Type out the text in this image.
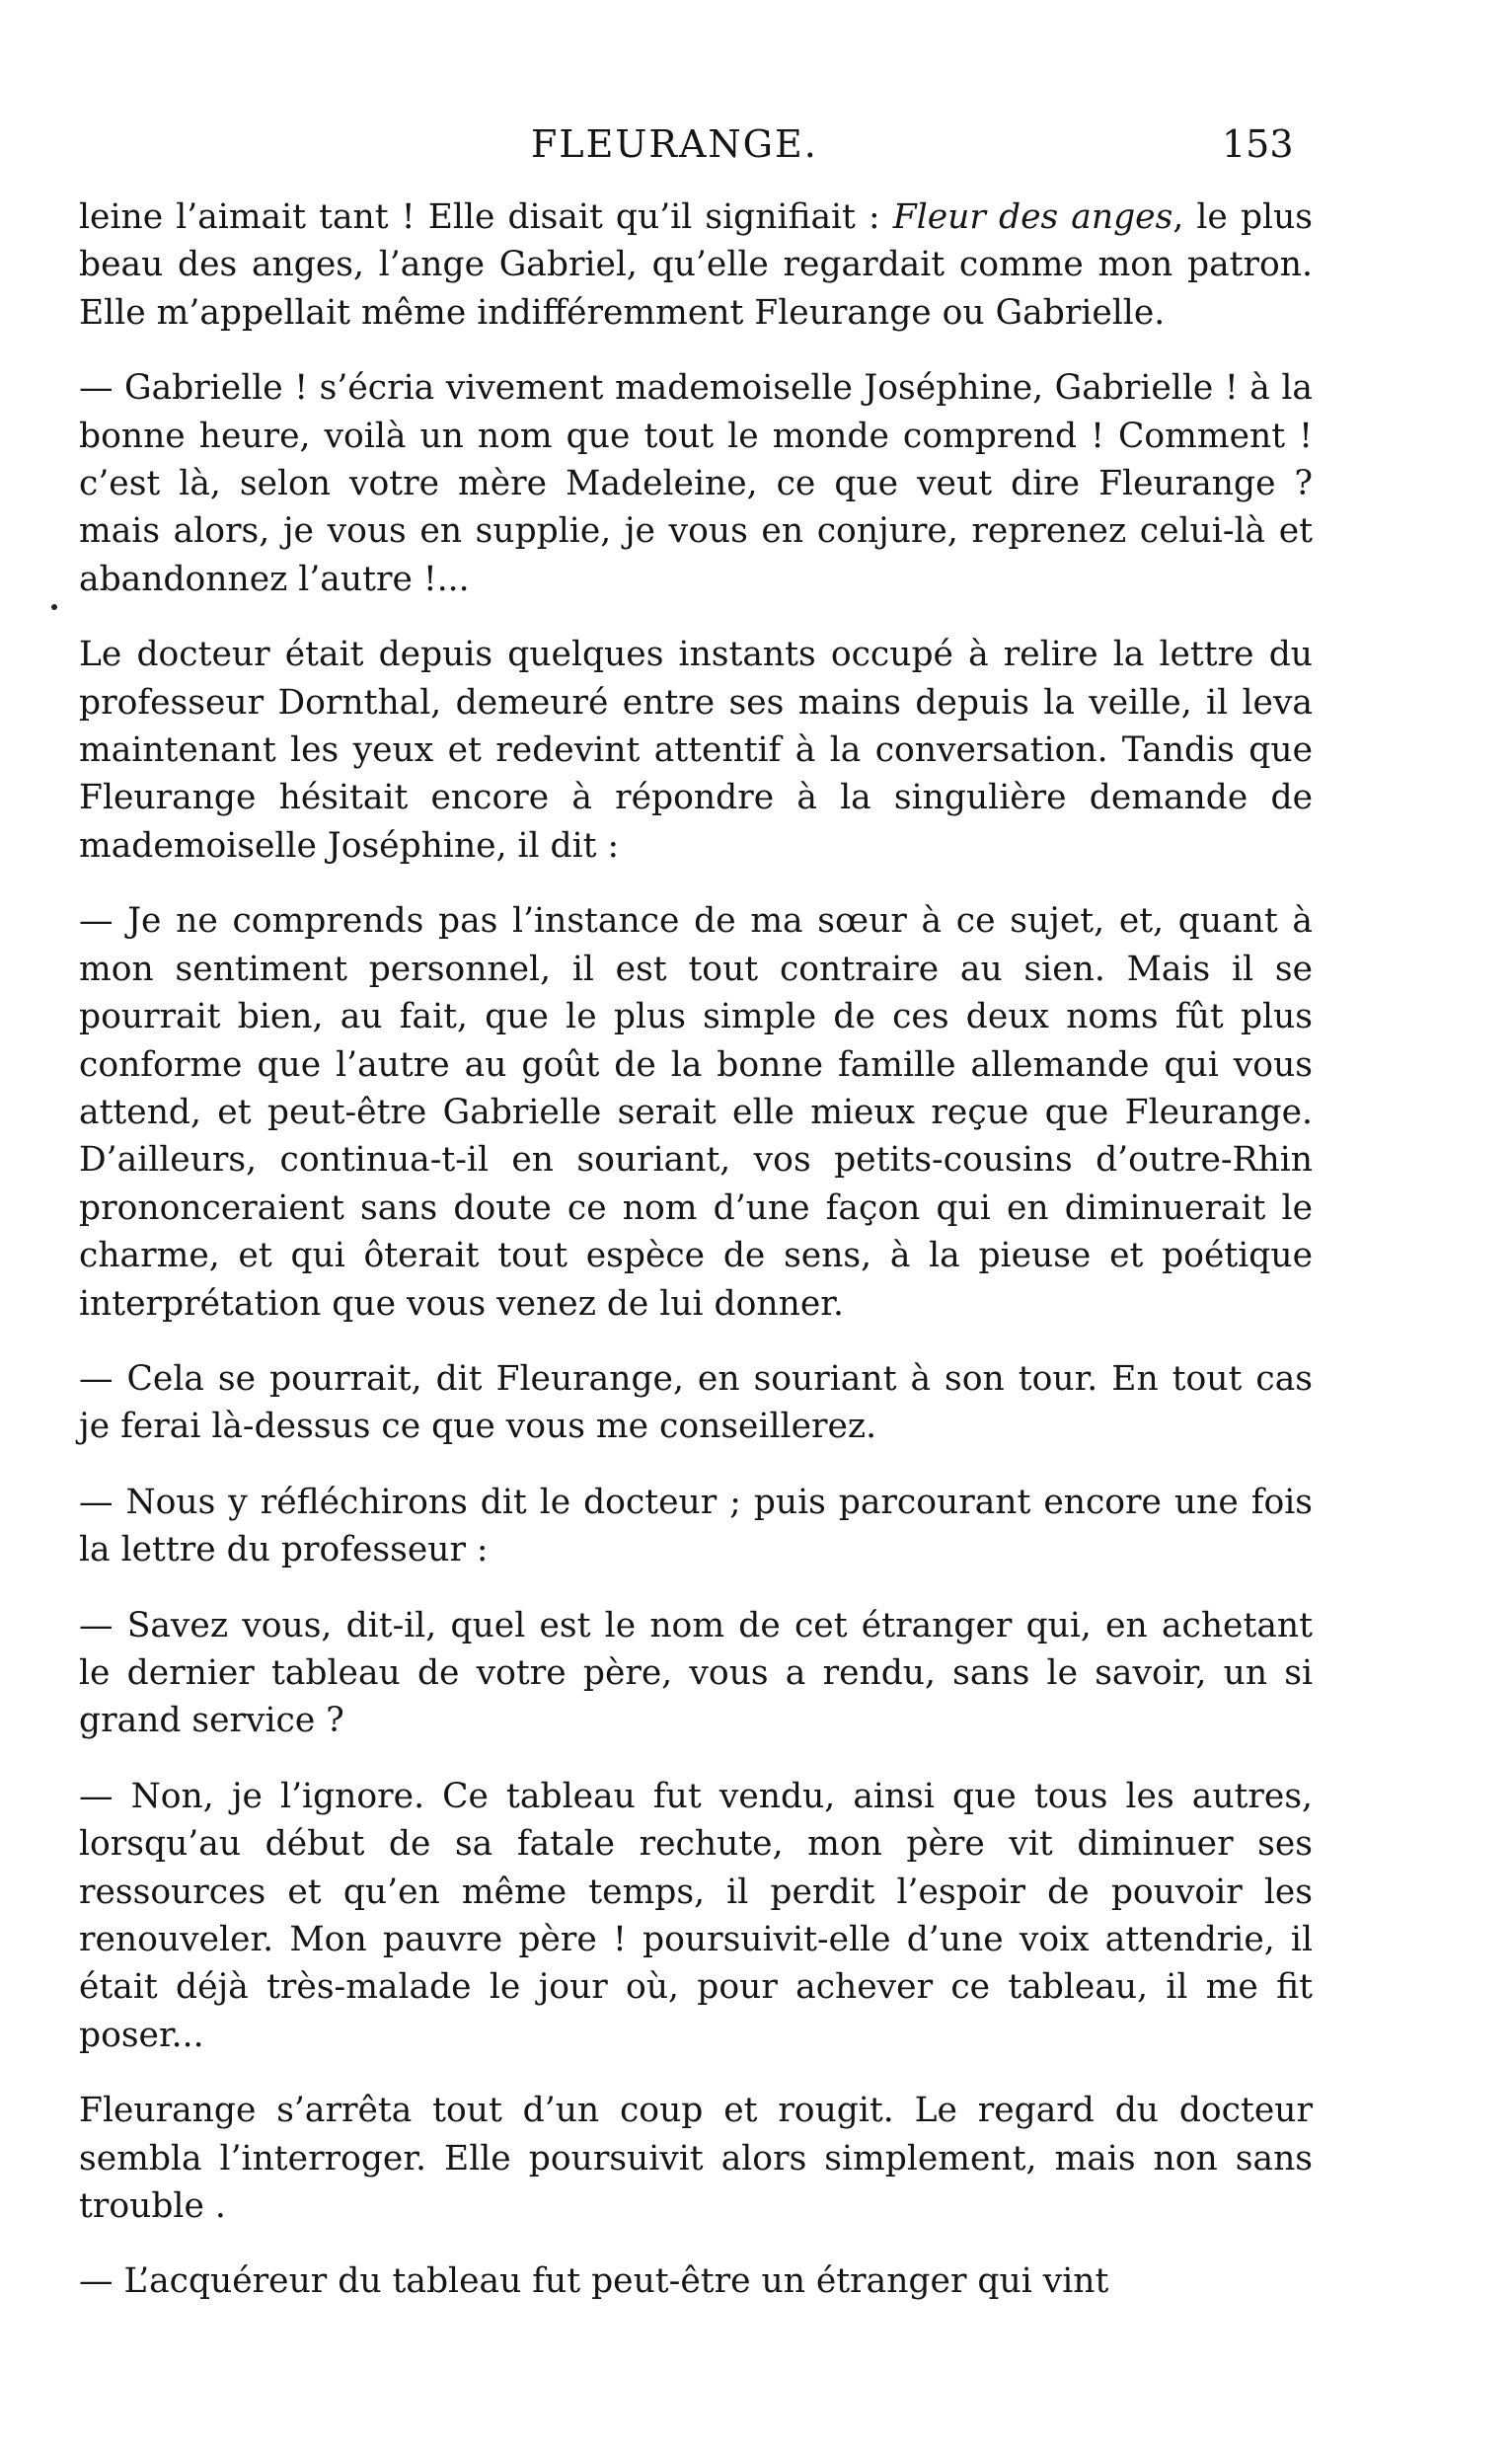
FLEURANGE.	153

leine l’aimait tant ! Elle disait qu’il signifiait : Fleur des anges, le plus beau des anges, l’ange Gabriel, qu’elle regardait comme mon patron. Elle m’appellait même indifféremment Fleurange ou Gabrielle.

— Gabrielle ! s’écria vivement mademoiselle Joséphine, Gabrielle ! à la bonne heure, voilà un nom que tout le monde comprend ! Comment ! c’est là, selon votre mère Madeleine, ce que veut dire Fleurange ? mais alors, je vous en supplie, je vous en conjure, reprenez celui-là et abandonnez l’autre !...

Le docteur était depuis quelques instants occupé à relire la lettre du professeur Dornthal, demeuré entre ses mains depuis la veille, il leva maintenant les yeux et redevint attentif à la conversation. Tandis que Fleurange hésitait encore à répondre à la singulière demande de mademoiselle Joséphine, il dit :

— Je ne comprends pas l’instance de ma sœur à ce sujet, et, quant à mon sentiment personnel, il est tout contraire au sien. Mais il se pourrait bien, au fait, que le plus simple de ces deux noms fût plus conforme que l’autre au goût de la bonne famille allemande qui vous attend, et peut-être Gabrielle serait elle mieux reçue que Fleurange. D’ailleurs, continua-t-il en souriant, vos petits-cousins d’outre-Rhin prononceraient sans doute ce nom d’une façon qui en diminuerait le charme, et qui ôterait tout espèce de sens, à la pieuse et poétique interprétation que vous venez de lui donner.

— Cela se pourrait, dit Fleurange, en souriant à son tour. En tout cas je ferai là-dessus ce que vous me conseillerez.

— Nous y réfléchirons dit le docteur ; puis parcourant encore une fois la lettre du professeur :

— Savez vous, dit-il, quel est le nom de cet étranger qui, en achetant le dernier tableau de votre père, vous a rendu, sans le savoir, un si grand service ?

— Non, je l’ignore. Ce tableau fut vendu, ainsi que tous les autres, lorsqu’au début de sa fatale rechute, mon père vit diminuer ses ressources et qu’en même temps, il perdit l’espoir de pouvoir les renouveler. Mon pauvre père ! poursuivit-elle d’une voix attendrie, il était déjà très-malade le jour où, pour achever ce tableau, il me fit poser...

Fleurange s’arrêta tout d’un coup et rougit. Le regard du docteur sembla l’interroger. Elle poursuivit alors simplement, mais non sans trouble .

— L’acquéreur du tableau fut peut-être un étranger qui vint
